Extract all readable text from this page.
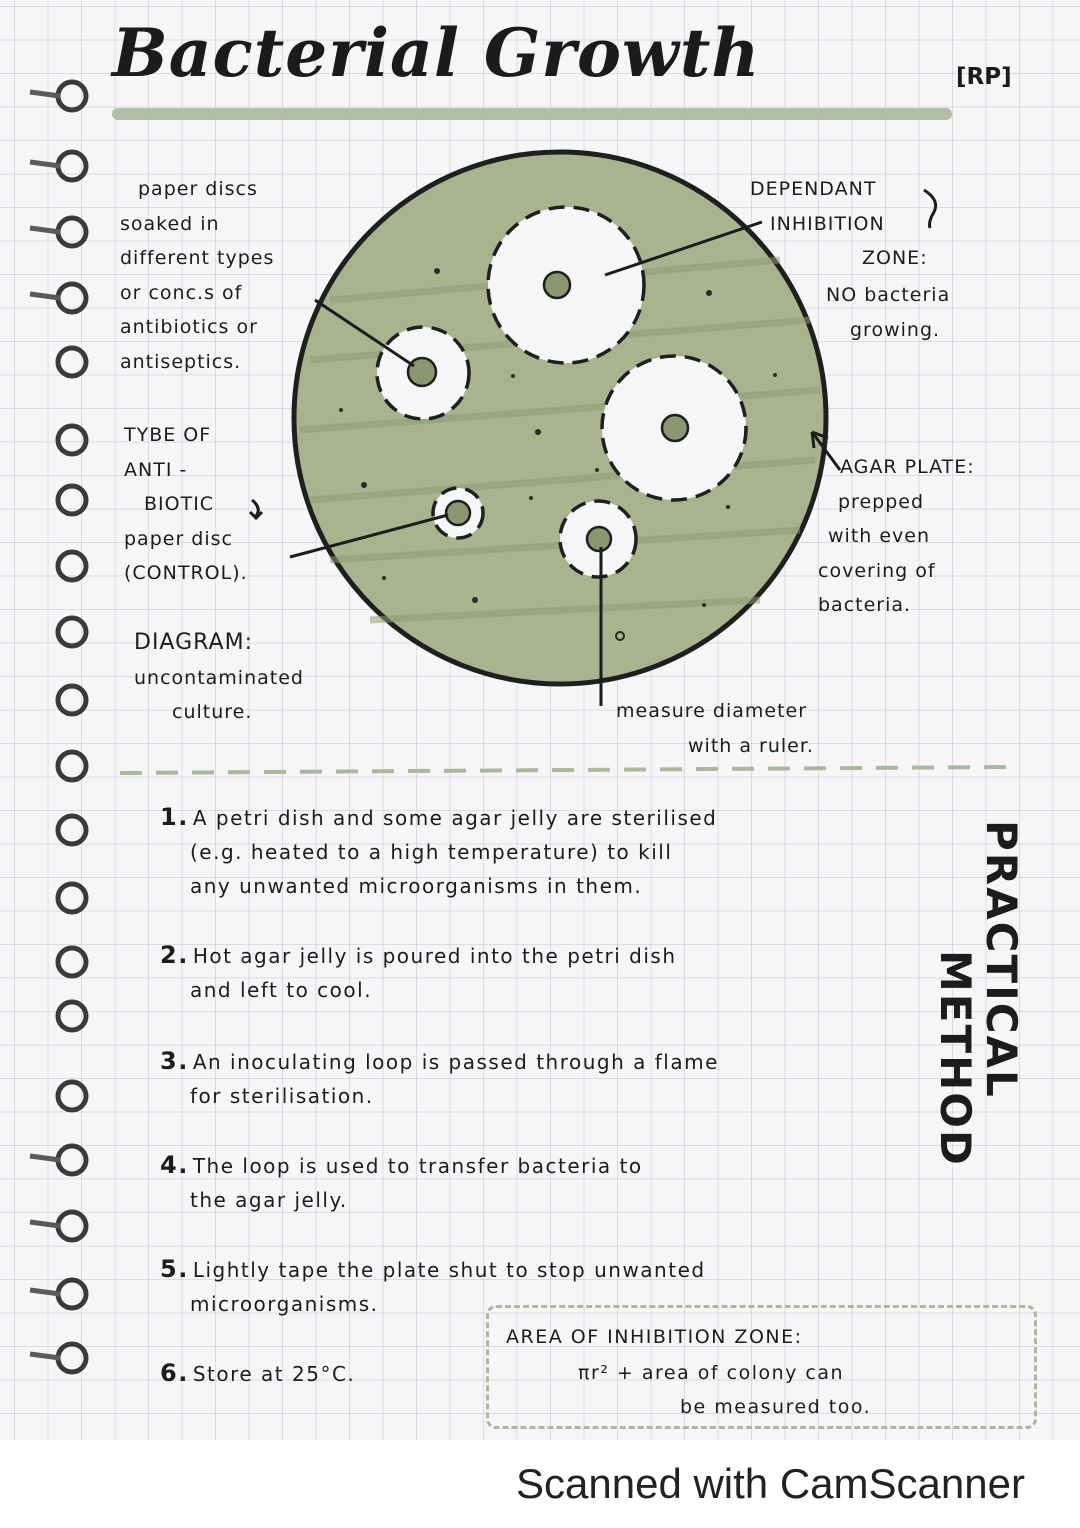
Bacterial Growth	[RP]
paper discs
soaked in
different types
or conc.s of
antibiotics or
antiseptics.
TYBE OF
ANTI -
BIOTIC
paper disc
(CONTROL).
DIAGRAM:
uncontaminated
culture.
DEPENDANT
INHIBITION
ZONE:
NO bacteria
growing.
AGAR PLATE:
prepped
with even
covering of
bacteria.
measure diameter
with a ruler.
PRACTICAL
METHOD
1. A petri dish and some agar jelly are sterilised
(e.g. heated to a high temperature) to kill
any unwanted microorganisms in them.
2. Hot agar jelly is poured into the petri dish
and left to cool.
3. An inoculating loop is passed through a flame
for sterilisation.
4. The loop is used to transfer bacteria to
the agar jelly.
5. Lightly tape the plate shut to stop unwanted
microorganisms.
6. Store at 25°C.
AREA OF INHIBITION ZONE:
πr² + area of colony can
be measured too.
Scanned with CamScanner
